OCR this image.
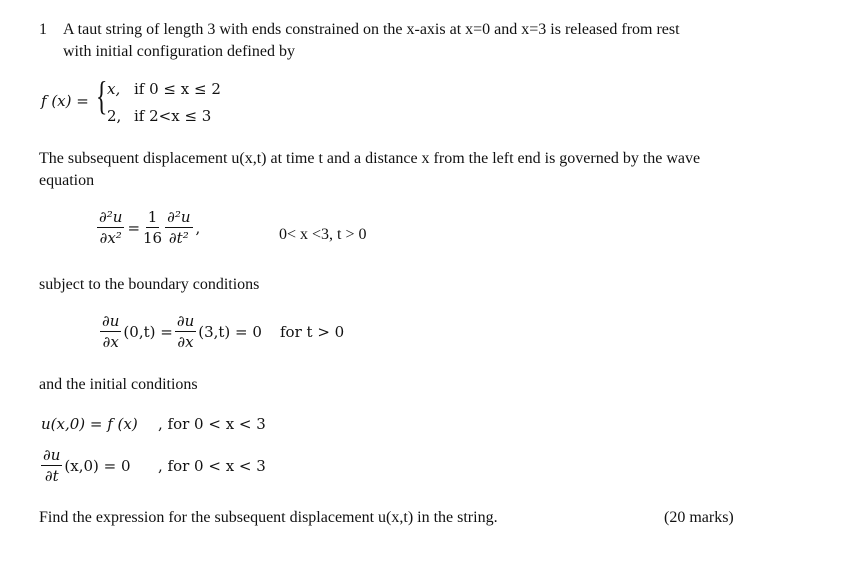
1 A taut string of length 3 with ends constrained on the x-axis at x=0 and x=3 is released from rest
with initial configuration defined by
f (x) = { x, if 0 ≤ x ≤ 2
2, if 2<x ≤ 3
The subsequent displacement u(x,t) at time t and a distance x from the left end is governed by the wave
equation
$\frac{\text{∂²u}}{\text{∂x²}} = \frac{1}{16} \frac{\text{∂²u}}{\text{∂t²}}$ ,	0< x <3, t > 0
subject to the boundary conditions
$\frac{\partial u}{\partial x} (0,t) = \frac{\partial u}{\partial x} (3,t) = 0$ for t > 0
and the initial conditions
u(x,0) = f (x) , for 0 < x < 3
$\frac{\partial u}{\partial t} (x,0) = 0$ , for 0 < x < 3
Find the expression for the subsequent displacement u(x,t) in the string.	(20 marks)
